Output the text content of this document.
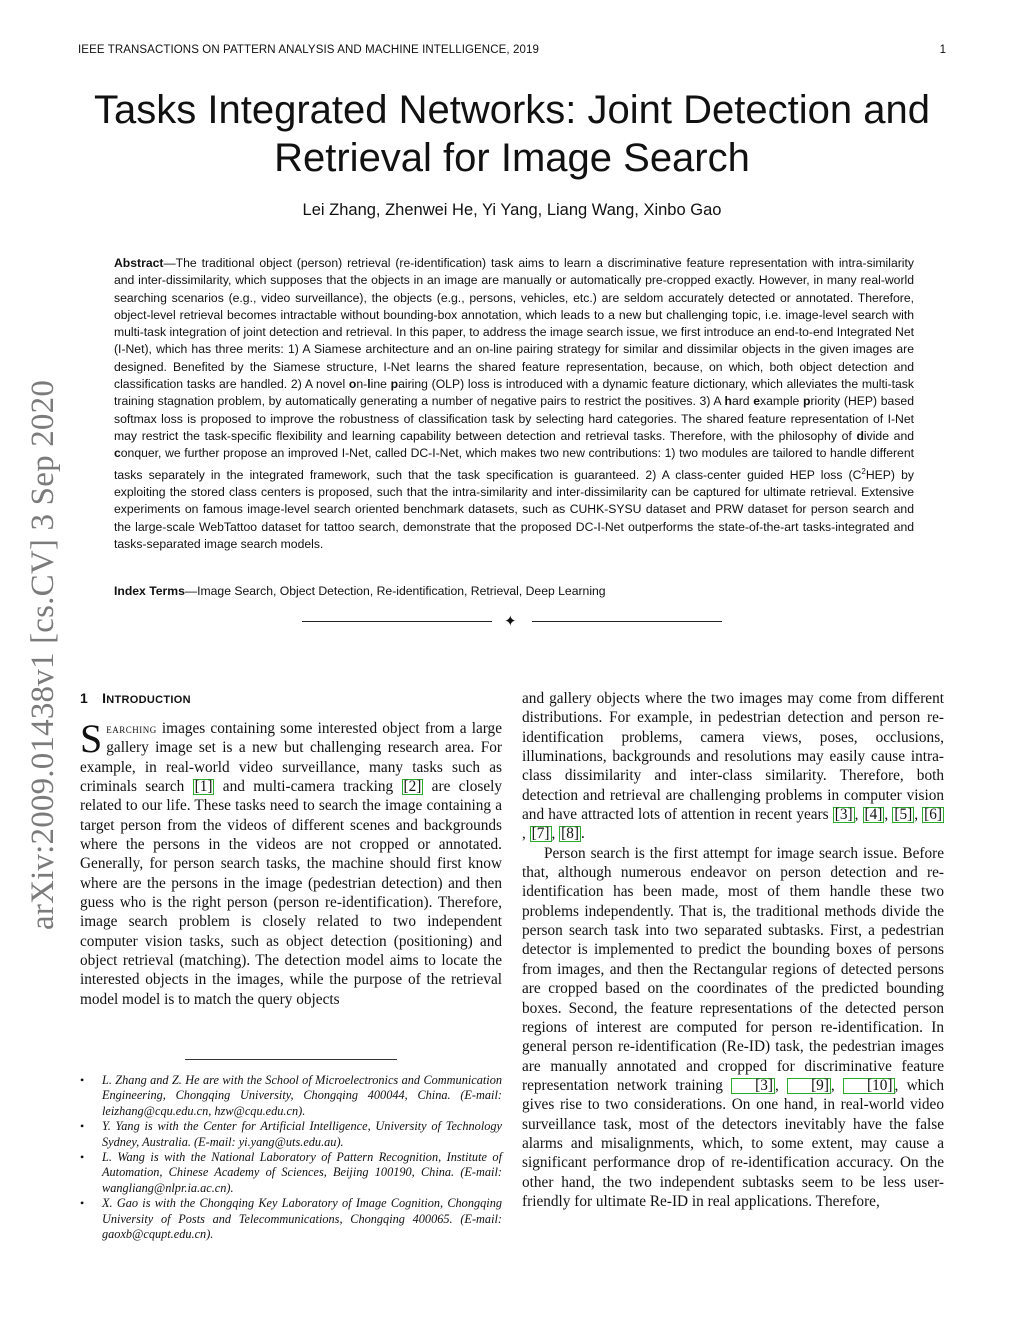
IEEE TRANSACTIONS ON PATTERN ANALYSIS AND MACHINE INTELLIGENCE, 2019	1
Tasks Integrated Networks: Joint Detection and
Retrieval for Image Search
Lei Zhang, Zhenwei He, Yi Yang, Liang Wang, Xinbo Gao
Abstract—The traditional object (person) retrieval (re-identification) task aims to learn a discriminative feature representation with intra-similarity and inter-dissimilarity, which supposes that the objects in an image are manually or automatically pre-cropped exactly. However, in many real-world searching scenarios (e.g., video surveillance), the objects (e.g., persons, vehicles, etc.) are seldom accurately detected or annotated. Therefore, object-level retrieval becomes intractable without bounding-box annotation, which leads to a new but challenging topic, i.e. image-level search with multi-task integration of joint detection and retrieval. In this paper, to address the image search issue, we first introduce an end-to-end Integrated Net (I-Net), which has three merits: 1) A Siamese architecture and an on-line pairing strategy for similar and dissimilar objects in the given images are designed. Benefited by the Siamese structure, I-Net learns the shared feature representation, because, on which, both object detection and classification tasks are handled. 2) A novel on-line pairing (OLP) loss is introduced with a dynamic feature dictionary, which alleviates the multi-task training stagnation problem, by automatically generating a number of negative pairs to restrict the positives. 3) A hard example priority (HEP) based softmax loss is proposed to improve the robustness of classification task by selecting hard categories. The shared feature representation of I-Net may restrict the task-specific flexibility and learning capability between detection and retrieval tasks. Therefore, with the philosophy of divide and conquer, we further propose an improved I-Net, called DC-I-Net, which makes two new contributions: 1) two modules are tailored to handle different tasks separately in the integrated framework, such that the task specification is guaranteed. 2) A class-center guided HEP loss $(C^2HEP)$ by exploiting the stored class centers is proposed, such that the intra-similarity and inter-dissimilarity can be captured for ultimate retrieval. Extensive experiments on famous image-level search oriented benchmark datasets, such as CUHK-SYSU dataset and PRW dataset for person search and the large-scale WebTattoo dataset for tattoo search, demonstrate that the proposed DC-I-Net outperforms the state-of-the-art tasks-integrated and tasks-separated image search models.
Index Terms—Image Search, Object Detection, Re-identification, Retrieval, Deep Learning
✦
arXiv:2009.01438v1 [cs.CV] 3 Sep 2020 1 INTRODUCTION

Searching images containing some interested object from a large gallery image set is a new but challenging research area. For example, in real-world video surveillance, many tasks such as criminals search [1] and multi-camera tracking [2] are closely related to our life. These tasks need to search the image containing a target person from the videos of different scenes and backgrounds where the persons in the videos are not cropped or annotated. Generally, for person search tasks, the machine should first know where are the persons in the image (pedestrian detection) and then guess who is the right person (person re-identification). Therefore, image search problem is closely related to two independent computer vision tasks, such as object detection (positioning) and object retrieval (matching). The detection model aims to locate the interested objects in the images, while the purpose of the retrieval model model is to match the query objects

• L. Zhang and Z. He are with the School of Microelectronics and Communication Engineering, Chongqing University, Chongqing 400044, China. (E-mail: leizhang@cqu.edu.cn, hzw@cqu.edu.cn).
• Y. Yang is with the Center for Artificial Intelligence, University of Technology Sydney, Australia. (E-mail: yi.yang@uts.edu.au).
• L. Wang is with the National Laboratory of Pattern Recognition, Institute of Automation, Chinese Academy of Sciences, Beijing 100190, China. (E-mail: wangliang@nlpr.ia.ac.cn).
• X. Gao is with the Chongqing Key Laboratory of Image Cognition, Chongqing University of Posts and Telecommunications, Chongqing 400065. (E-mail: gaoxb@cqupt.edu.cn).

and gallery objects where the two images may come from different distributions. For example, in pedestrian detection and person re-identification problems, camera views, poses, occlusions, illuminations, backgrounds and resolutions may easily cause intra-class dissimilarity and inter-class similarity. Therefore, both detection and retrieval are challenging problems in computer vision and have attracted lots of attention in recent years [3] , [4] , [5] , [6], [7] , [8] .

Person search is the first attempt for image search issue. Before that, although numerous endeavor on person detection and re-identification has been made, most of them handle these two problems independently. That is, the traditional methods divide the person search task into two separated subtasks. First, a pedestrian detector is implemented to predict the bounding boxes of persons from images, and then the Rectangular regions of detected persons are cropped based on the coordinates of the predicted bounding boxes. Second, the feature representations of the detected person regions of interest are computed for person re-identification. In general person re-identification (Re-ID) task, the pedestrian images are manually annotated and cropped for discriminative feature representation network training [3] , [9] , [10] , which gives rise to two considerations. On one hand, in real-world video surveillance task, most of the detectors inevitably have the false alarms and misalignments, which, to some extent, may cause a significant performance drop of re-identification accuracy. On the other hand, the two independent subtasks seem to be less user-friendly for ultimate Re-ID in real applications. Therefore,
